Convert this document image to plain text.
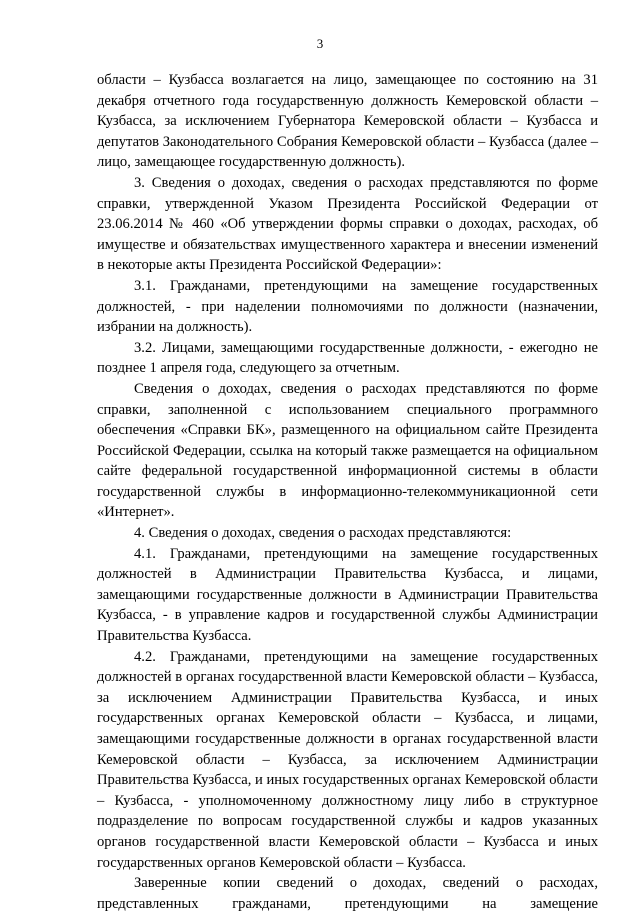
3

области – Кузбасса возлагается на лицо, замещающее по состоянию на 31 декабря отчетного года государственную должность Кемеровской области – Кузбасса, за исключением Губернатора Кемеровской области – Кузбасса и депутатов Законодательного Собрания Кемеровской области – Кузбасса (далее – лицо, замещающее государственную должность).

3. Сведения о доходах, сведения о расходах представляются по форме справки, утвержденной Указом Президента Российской Федерации от 23.06.2014 № 460 «Об утверждении формы справки о доходах, расходах, об имуществе и обязательствах имущественного характера и внесении изменений в некоторые акты Президента Российской Федерации»:

3.1. Гражданами, претендующими на замещение государственных должностей, - при наделении полномочиями по должности (назначении, избрании на должность).

3.2. Лицами, замещающими государственные должности, - ежегодно не позднее 1 апреля года, следующего за отчетным.

Сведения о доходах, сведения о расходах представляются по форме справки, заполненной с использованием специального программного обеспечения «Справки БК», размещенного на официальном сайте Президента Российской Федерации, ссылка на который также размещается на официальном сайте федеральной государственной информационной системы в области государственной службы в информационно-телекоммуникационной сети «Интернет».

4. Сведения о доходах, сведения о расходах представляются:

4.1. Гражданами, претендующими на замещение государственных должностей в Администрации Правительства Кузбасса, и лицами, замещающими государственные должности в Администрации Правительства Кузбасса, - в управление кадров и государственной службы Администрации Правительства Кузбасса.

4.2. Гражданами, претендующими на замещение государственных должностей в органах государственной власти Кемеровской области – Кузбасса, за исключением Администрации Правительства Кузбасса, и иных государственных органах Кемеровской области – Кузбасса, и лицами, замещающими государственные должности в органах государственной власти Кемеровской области – Кузбасса, за исключением Администрации Правительства Кузбасса, и иных государственных органах Кемеровской области – Кузбасса, - уполномоченному должностному лицу либо в структурное подразделение по вопросам государственной службы и кадров указанных органов государственной власти Кемеровской области – Кузбасса и иных государственных органов Кемеровской области – Кузбасса.

Заверенные копии сведений о доходах, сведений о расходах, представленных гражданами, претендующими на замещение
